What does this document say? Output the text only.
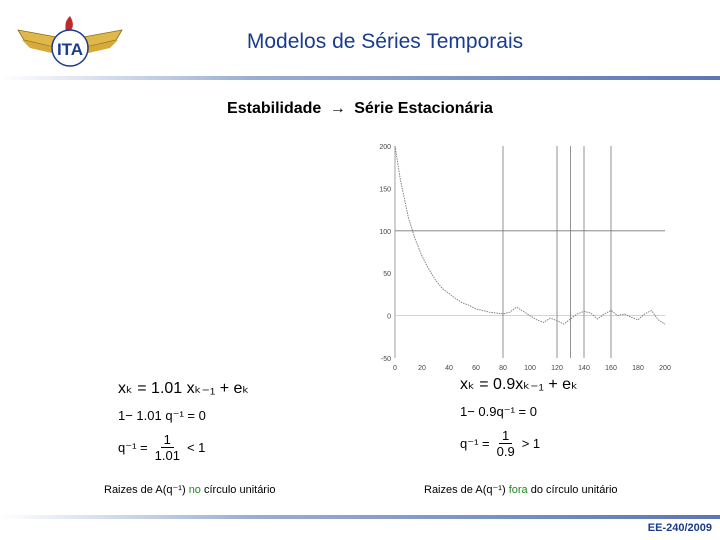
ITA	Modelos de Séries Temporais
Estabilidade → Série Estacionária
0	20	40	60	80 100 120 140 160 180 200
-50
0
50
100
150
200
xₖ = 1.01 xₖ₋₁ + eₖ
1− 1.01 q⁻¹ = 0
$q^{-1} = \frac{1}{1.01} < 1$
xₖ = 0.9xₖ₋₁ + eₖ
1− 0.9q⁻¹ = 0
$q^{-1} = \frac{1}{0.9} > 1$
Raizes de A(q⁻¹) no círculo unitário	Raizes de A(q⁻¹) fora do círculo unitário
EE-240/2009
